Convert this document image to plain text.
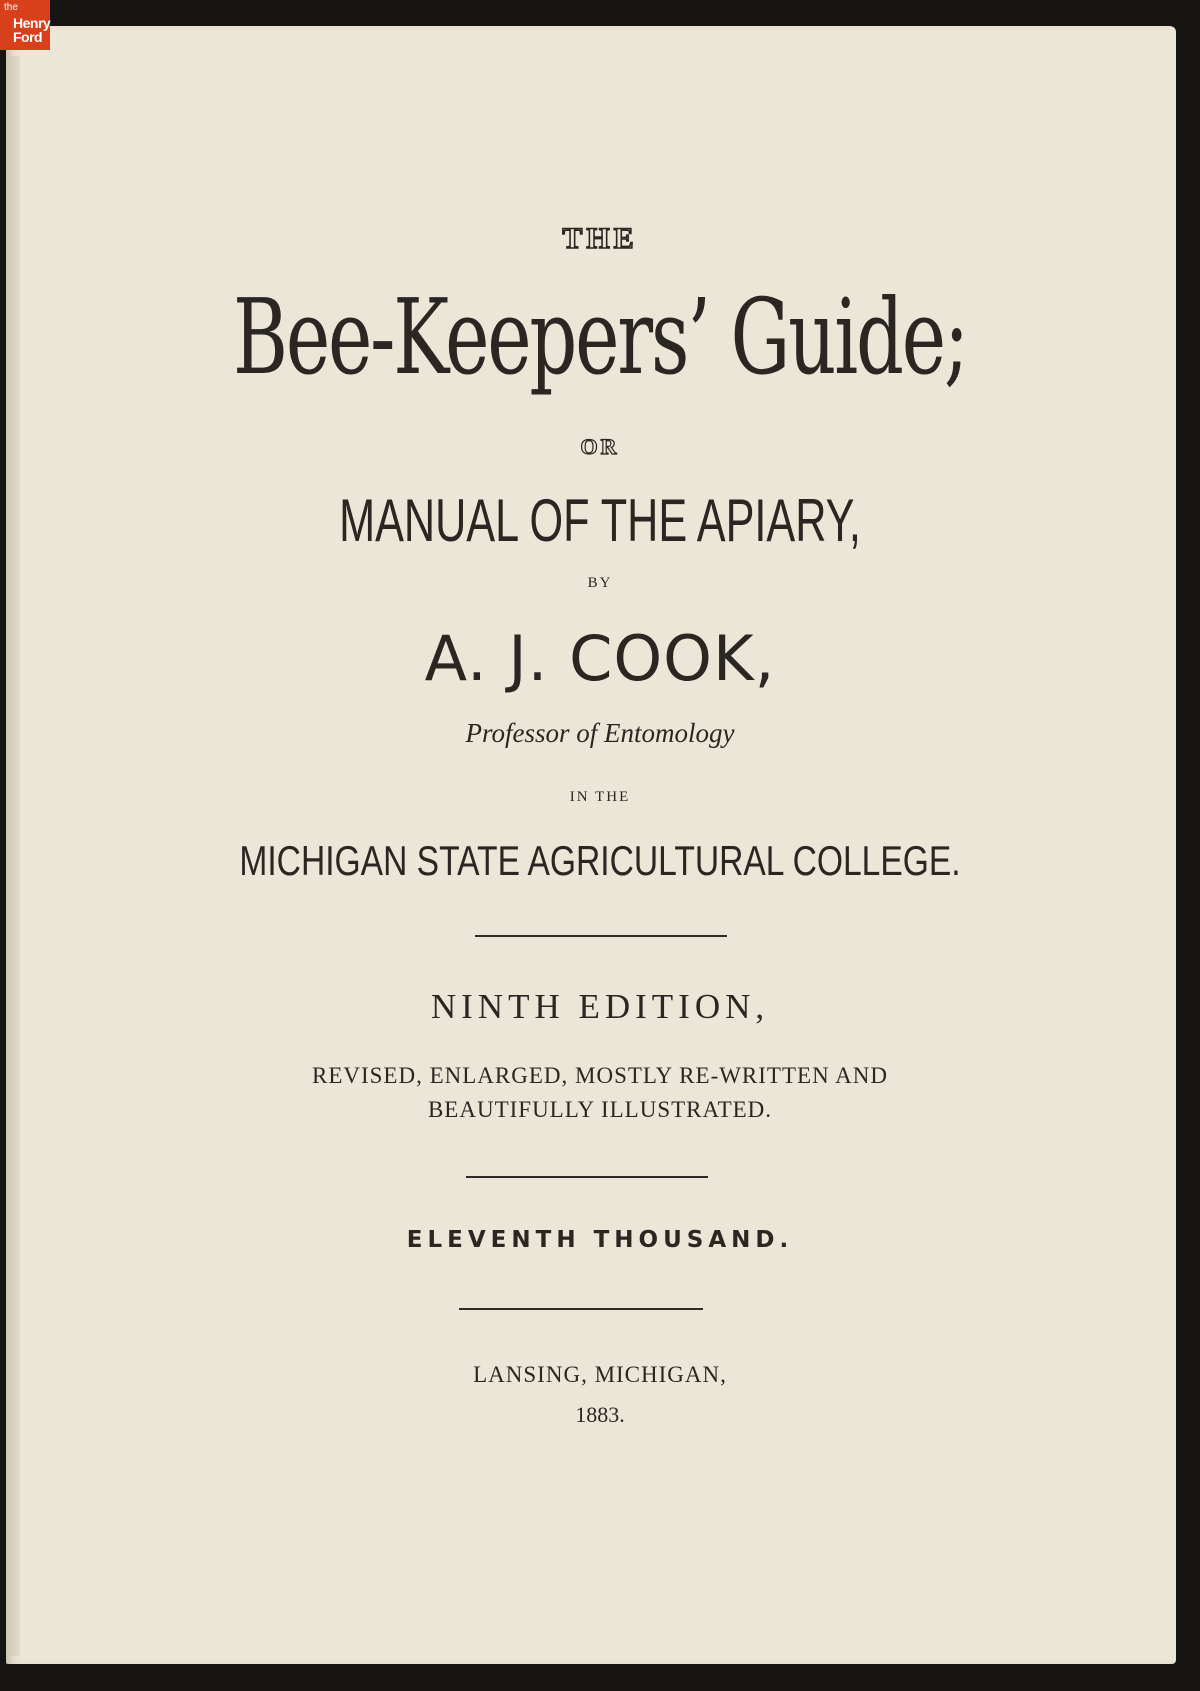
the
Henry
Ford
THE
Bee-Keepers’ Guide;
OR
MANUAL OF THE APIARY,
BY
A. J. COOK,
Professor of Entomology
IN THE
MICHIGAN STATE AGRICULTURAL COLLEGE.
NINTH EDITION,
REVISED, ENLARGED, MOSTLY RE-WRITTEN AND
BEAUTIFULLY ILLUSTRATED.
ELEVENTH THOUSAND.
LANSING, MICHIGAN,
1883.
